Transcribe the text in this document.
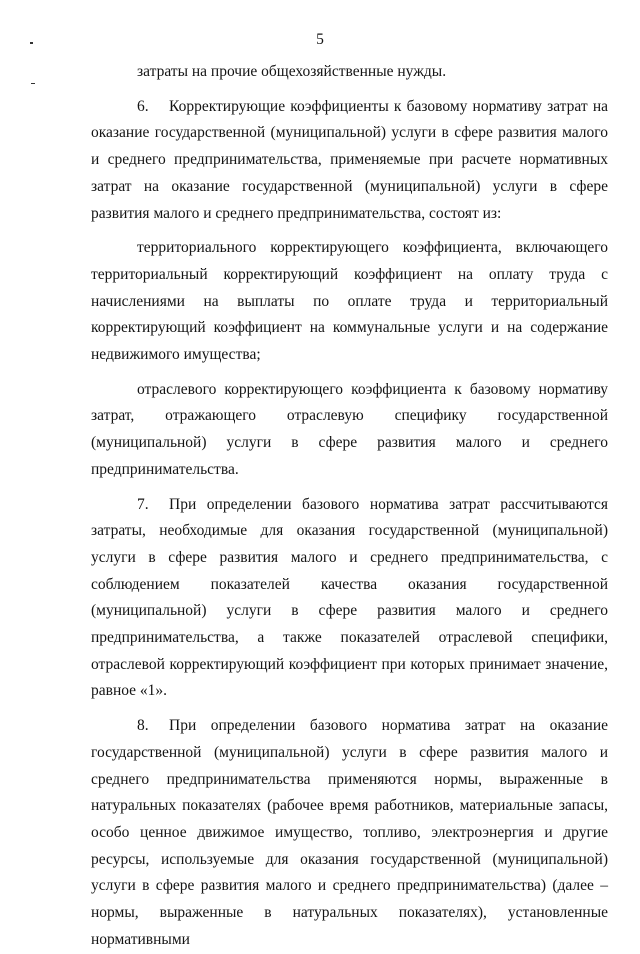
5

затраты на прочие общехозяйственные нужды.

6. Корректирующие коэффициенты к базовому нормативу затрат на оказание государственной (муниципальной) услуги в сфере развития малого и среднего предпринимательства, применяемые при расчете нормативных затрат на оказание государственной (муниципальной) услуги в сфере развития малого и среднего предпринимательства, состоят из:

территориального корректирующего коэффициента, включающего территориальный корректирующий коэффициент на оплату труда с начислениями на выплаты по оплате труда и территориальный корректирующий коэффициент на коммунальные услуги и на содержание недвижимого имущества;

отраслевого корректирующего коэффициента к базовому нормативу затрат, отражающего отраслевую специфику государственной (муниципальной) услуги в сфере развития малого и среднего предпринимательства.

7. При определении базового норматива затрат рассчитываются затраты, необходимые для оказания государственной (муниципальной) услуги в сфере развития малого и среднего предпринимательства, с соблюдением показателей качества оказания государственной (муниципальной) услуги в сфере развития малого и среднего предпринимательства, а также показателей отраслевой специфики, отраслевой корректирующий коэффициент при которых принимает значение, равное «1».

8. При определении базового норматива затрат на оказание государственной (муниципальной) услуги в сфере развития малого и среднего предпринимательства применяются нормы, выраженные в натуральных показателях (рабочее время работников, материальные запасы, особо ценное движимое имущество, топливо, электроэнергия и другие ресурсы, используемые для оказания государственной (муниципальной) услуги в сфере развития малого и среднего предпринимательства) (далее – нормы, выраженные в натуральных показателях), установленные нормативными
